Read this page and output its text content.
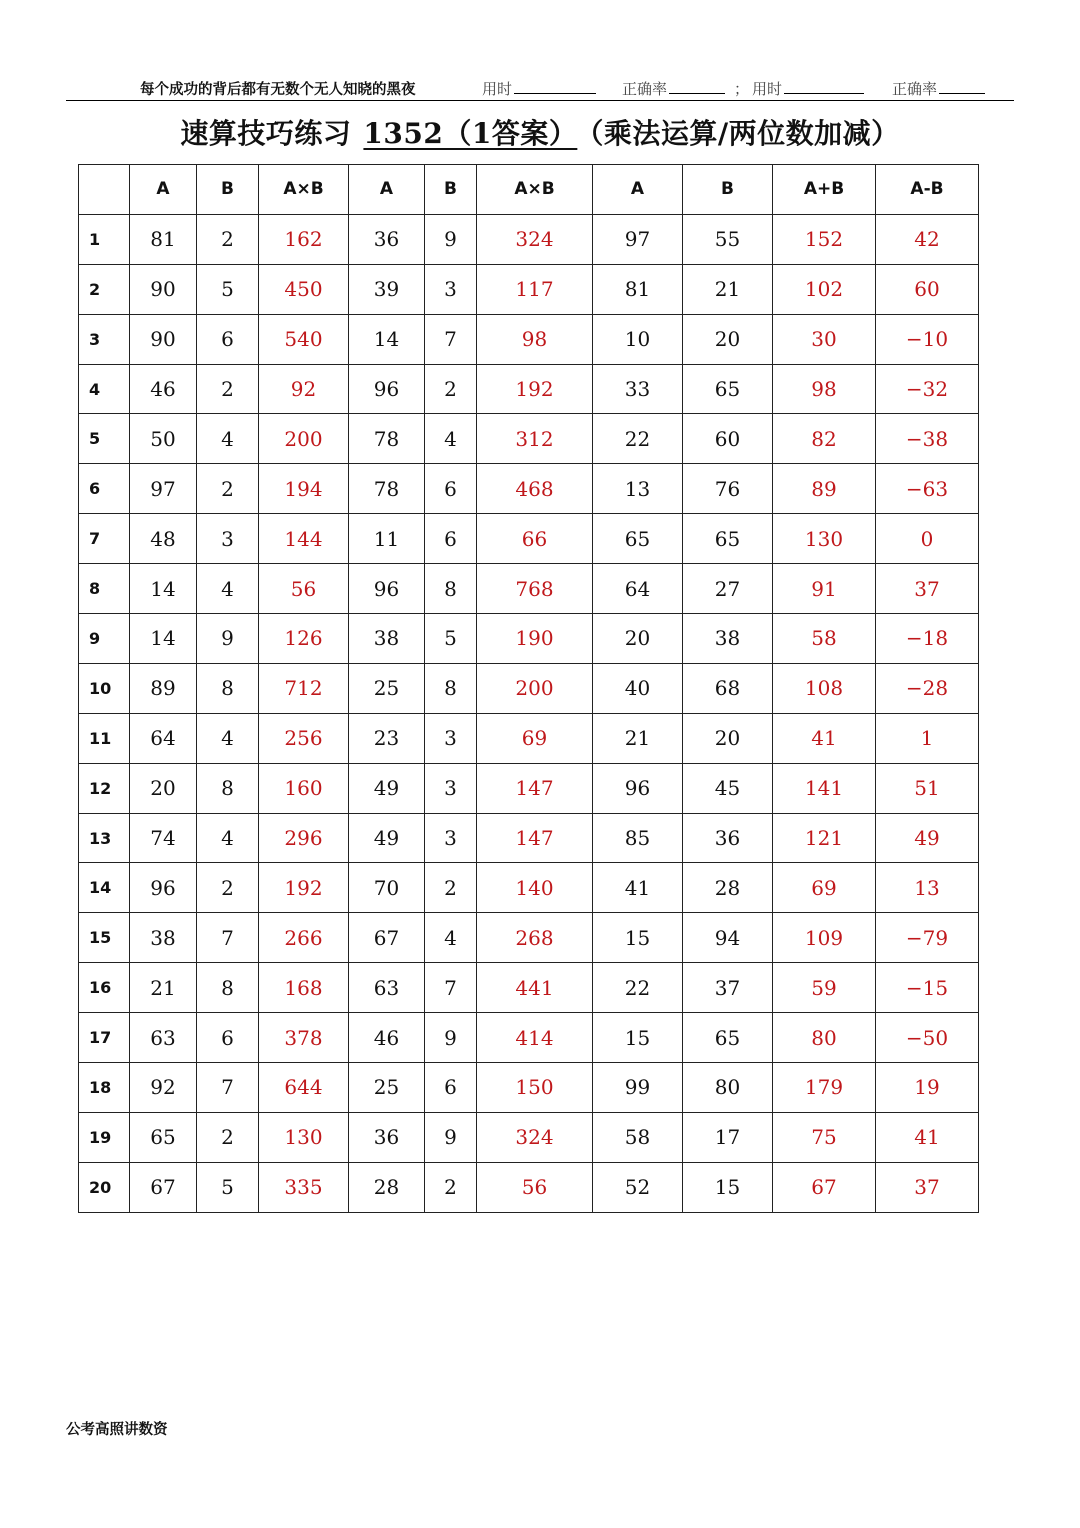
每个成功的背后都有无数个无人知晓的黑夜	用时	正确率	； 用时	正确率
速算技巧练习 1352（1答案） （乘法运算/两位数加减）
	A	B	A×B	A	B	A×B	A	B	A+B	A-B
1	81	2	162	36	9	324	97	55	152	42
2	90	5	450	39	3	117	81	21	102	60
3	90	6	540	14	7	98	10	20	30	−10
4	46	2	92	96	2	192	33	65	98	−32
5	50	4	200	78	4	312	22	60	82	−38
6	97	2	194	78	6	468	13	76	89	−63
7	48	3	144	11	6	66	65	65	130	0
8	14	4	56	96	8	768	64	27	91	37
9	14	9	126	38	5	190	20	38	58	−18
10	89	8	712	25	8	200	40	68	108	−28
11	64	4	256	23	3	69	21	20	41	1
12	20	8	160	49	3	147	96	45	141	51
13	74	4	296	49	3	147	85	36	121	49
14	96	2	192	70	2	140	41	28	69	13
15	38	7	266	67	4	268	15	94	109	−79
16	21	8	168	63	7	441	22	37	59	−15
17	63	6	378	46	9	414	15	65	80	−50
18	92	7	644	25	6	150	99	80	179	19
19	65	2	130	36	9	324	58	17	75	41
20	67	5	335	28	2	56	52	15	67	37
公考高照讲数资
